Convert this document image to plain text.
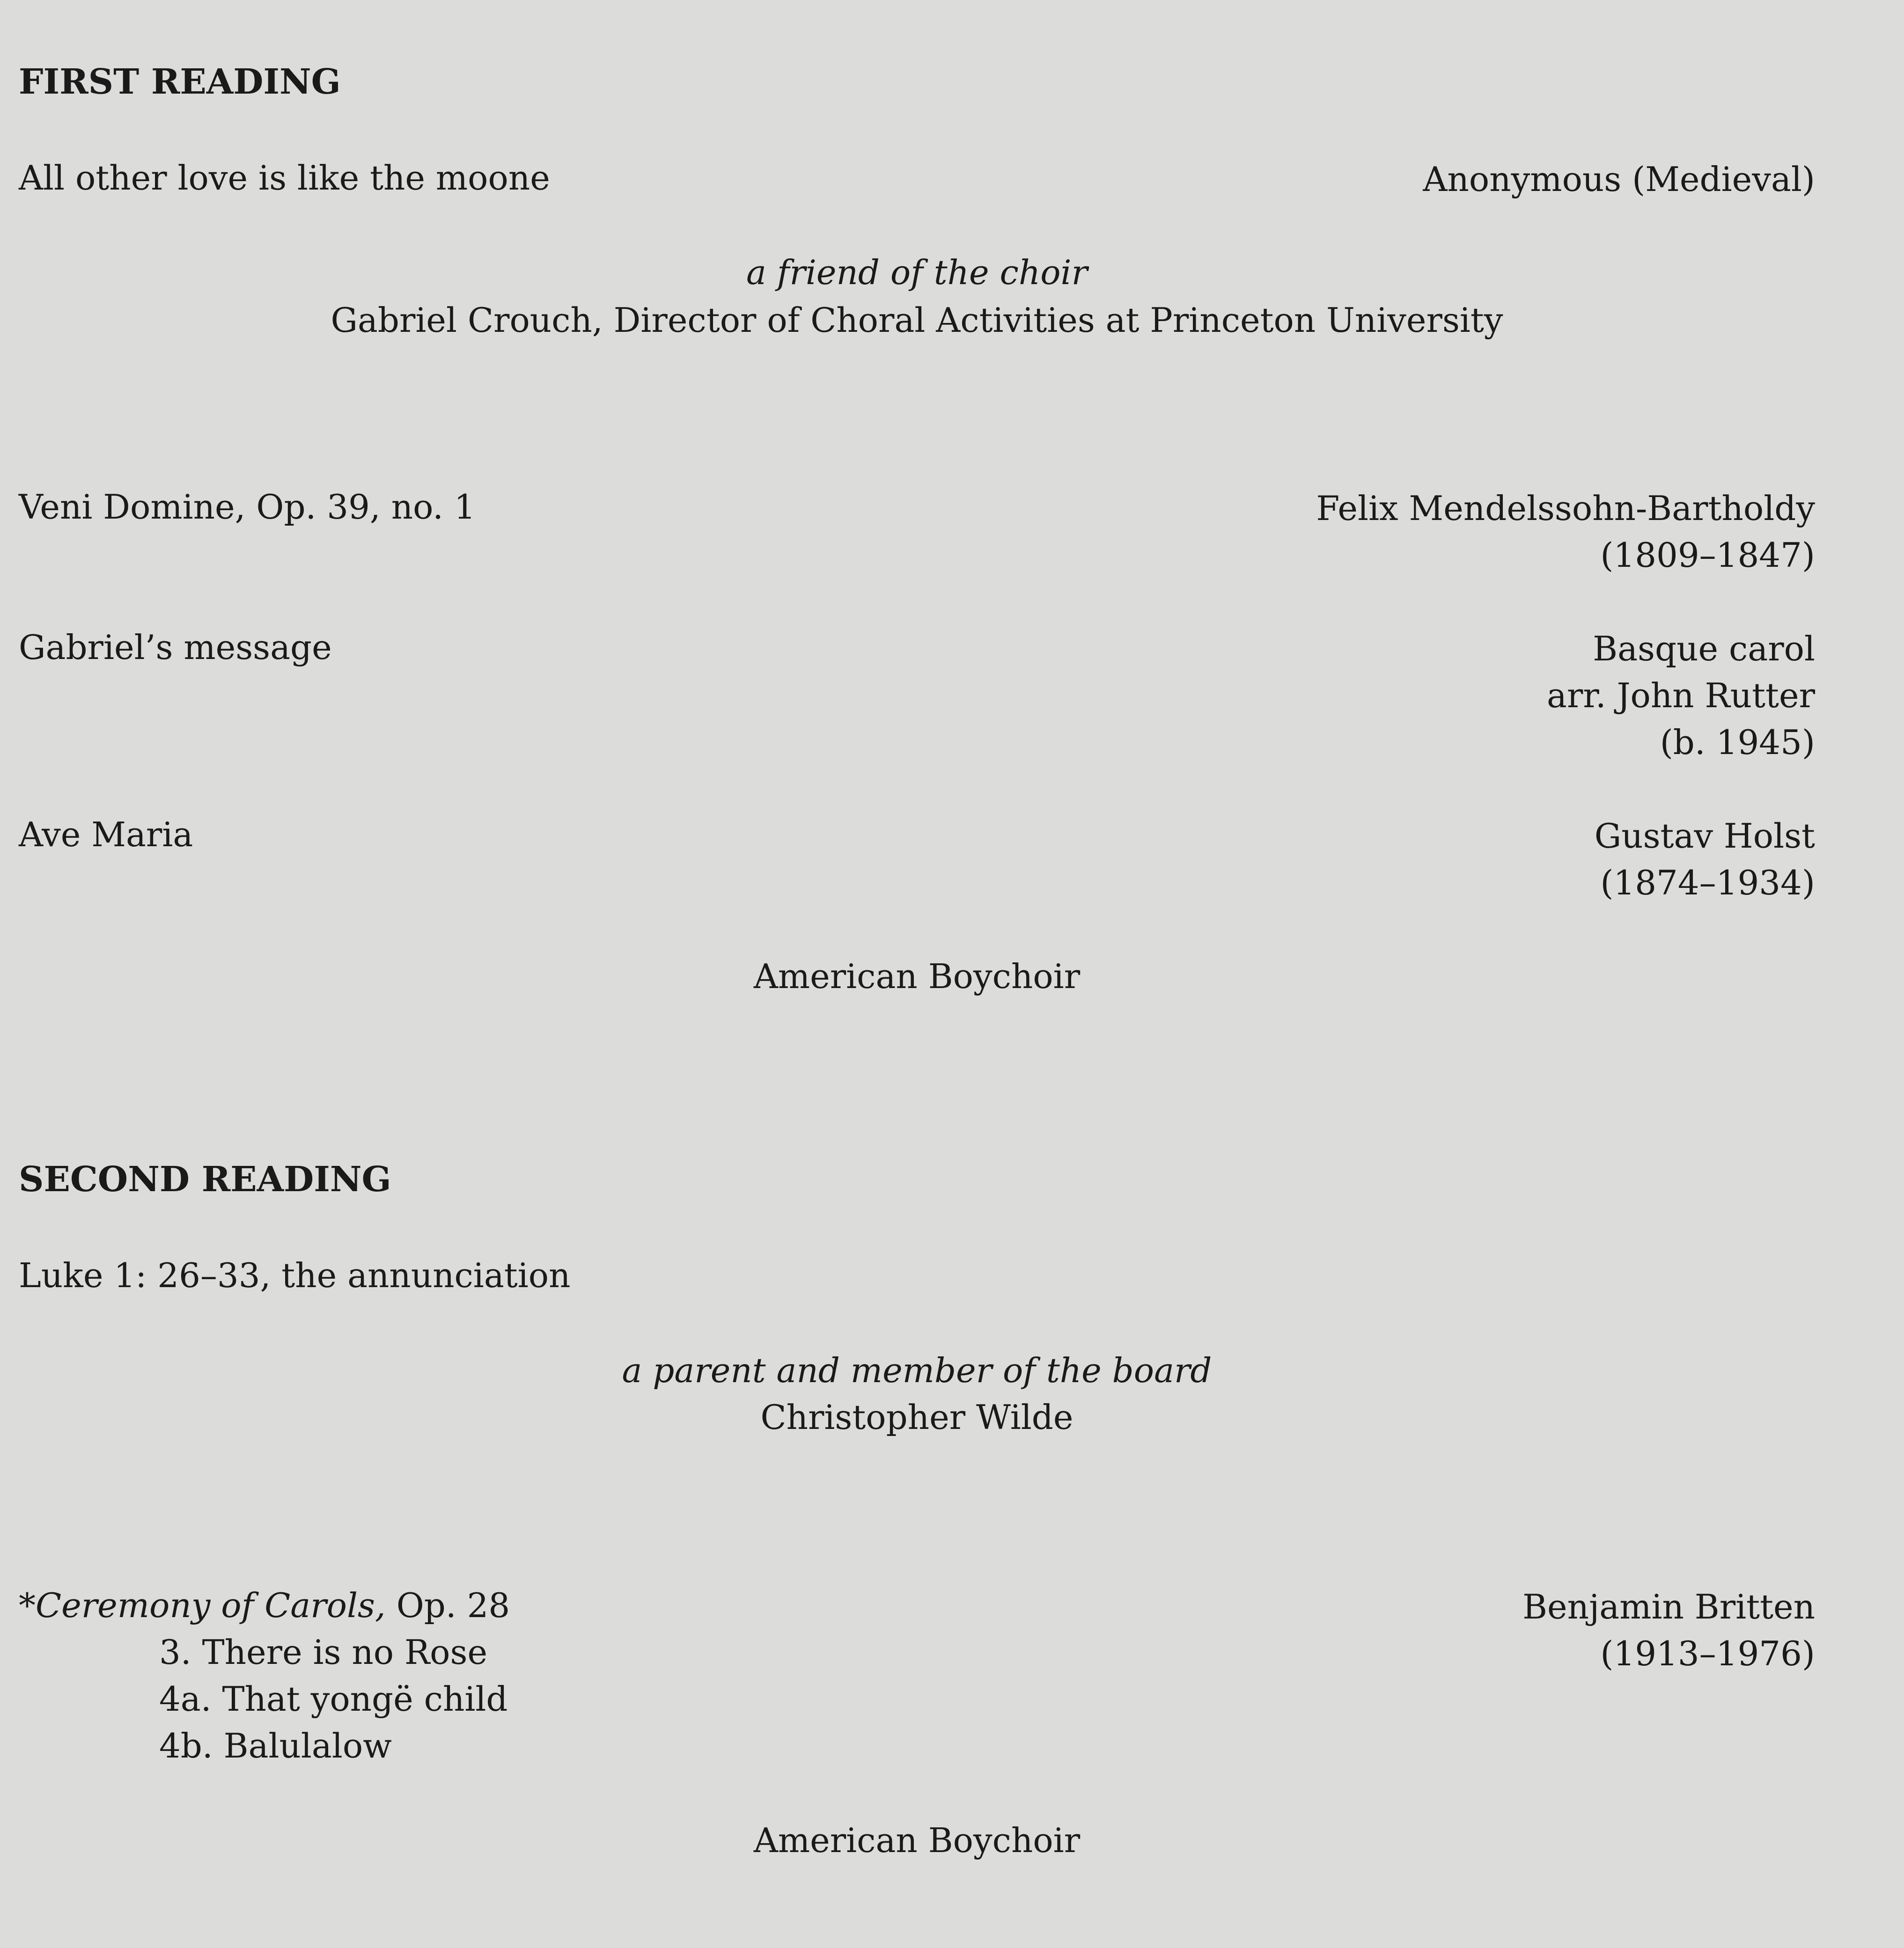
FIRST READING
All other love is like the moone	Anonymous (Medieval)
a friend of the choir
Gabriel Crouch, Director of Choral Activities at Princeton University
Veni Domine, Op. 39, no. 1	Felix Mendelssohn-Bartholdy
(1809–1847)
Gabriel’s message	Basque carol
arr. John Rutter
(b. 1945)
Ave Maria	Gustav Holst
(1874–1934)
American Boychoir
SECOND READING
Luke 1: 26–33, the annunciation
a parent and member of the board
Christopher Wilde
*Ceremony of Carols, Op. 28	Benjamin Britten
(1913–1976)
3. There is no Rose
4a. That yongë child
4b. Balulalow
American Boychoir
